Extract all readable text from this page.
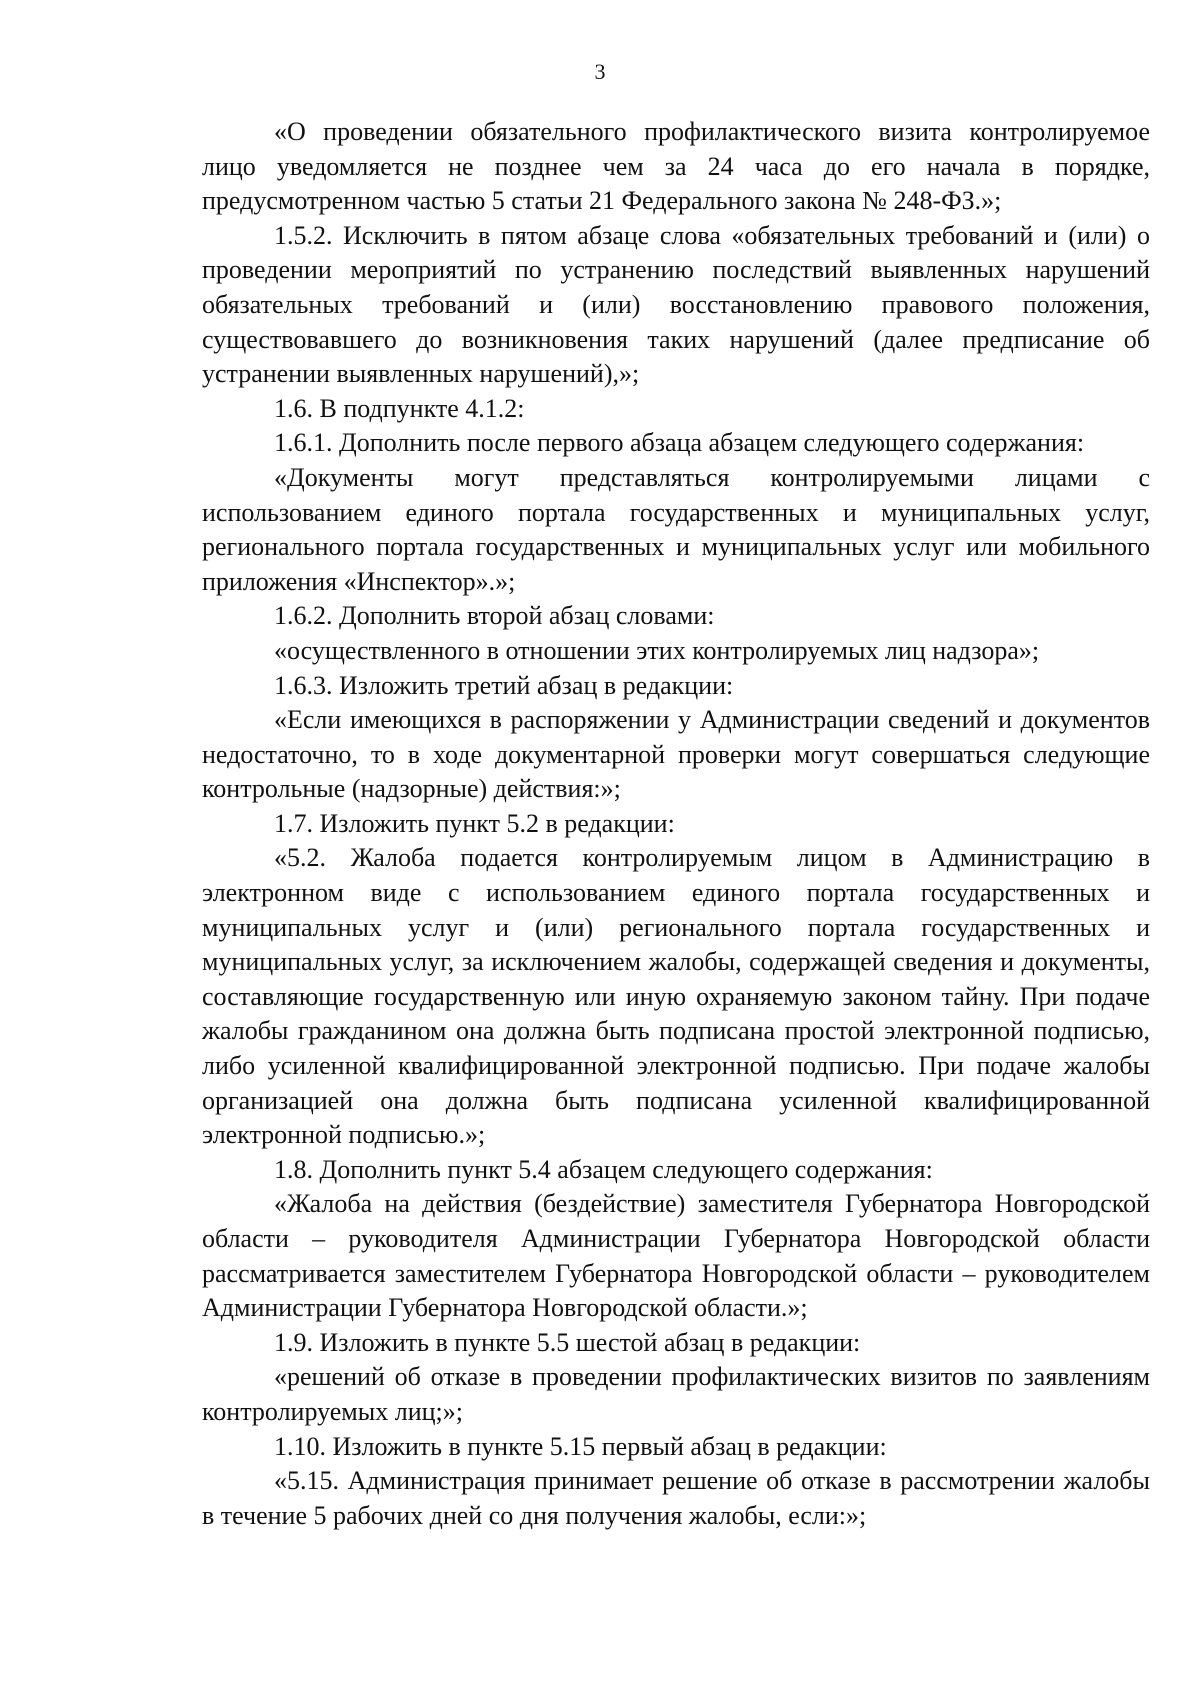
3

«О проведении обязательного профилактического визита контролируемое лицо уведомляется не позднее чем за 24 часа до его начала в порядке, предусмотренном частью 5 статьи 21 Федерального закона № 248-ФЗ.»;

1.5.2. Исключить в пятом абзаце слова «обязательных требований и (или) о проведении мероприятий по устранению последствий выявленных нарушений обязательных требований и (или) восстановлению правового положения, существовавшего до возникновения таких нарушений (далее предписание об устранении выявленных нарушений),»;

1.6. В подпункте 4.1.2:

1.6.1. Дополнить после первого абзаца абзацем следующего содержания:

«Документы могут представляться контролируемыми лицами с использованием единого портала государственных и муниципальных услуг, регионального портала государственных и муниципальных услуг или мобильного приложения «Инспектор».»;

1.6.2. Дополнить второй абзац словами:

«осуществленного в отношении этих контролируемых лиц надзора»;

1.6.3. Изложить третий абзац в редакции:

«Если имеющихся в распоряжении у Администрации сведений и документов недостаточно, то в ходе документарной проверки могут совершаться следующие контрольные (надзорные) действия:»;

1.7. Изложить пункт 5.2 в редакции:

«5.2. Жалоба подается контролируемым лицом в Администрацию в электронном виде с использованием единого портала государственных и муниципальных услуг и (или) регионального портала государственных и муниципальных услуг, за исключением жалобы, содержащей сведения и документы, составляющие государственную или иную охраняемую законом тайну. При подаче жалобы гражданином она должна быть подписана простой электронной подписью, либо усиленной квалифицированной электронной подписью. При подаче жалобы организацией она должна быть подписана усиленной квалифицированной электронной подписью.»;

1.8. Дополнить пункт 5.4 абзацем следующего содержания:

«Жалоба на действия (бездействие) заместителя Губернатора Новгородской области – руководителя Администрации Губернатора Новгородской области рассматривается заместителем Губернатора Новгородской области – руководителем Администрации Губернатора Новгородской области.»;

1.9. Изложить в пункте 5.5 шестой абзац в редакции:

«решений об отказе в проведении профилактических визитов по заявлениям контролируемых лиц;»;

1.10. Изложить в пункте 5.15 первый абзац в редакции:

«5.15. Администрация принимает решение об отказе в рассмотрении жалобы в течение 5 рабочих дней со дня получения жалобы, если:»;
